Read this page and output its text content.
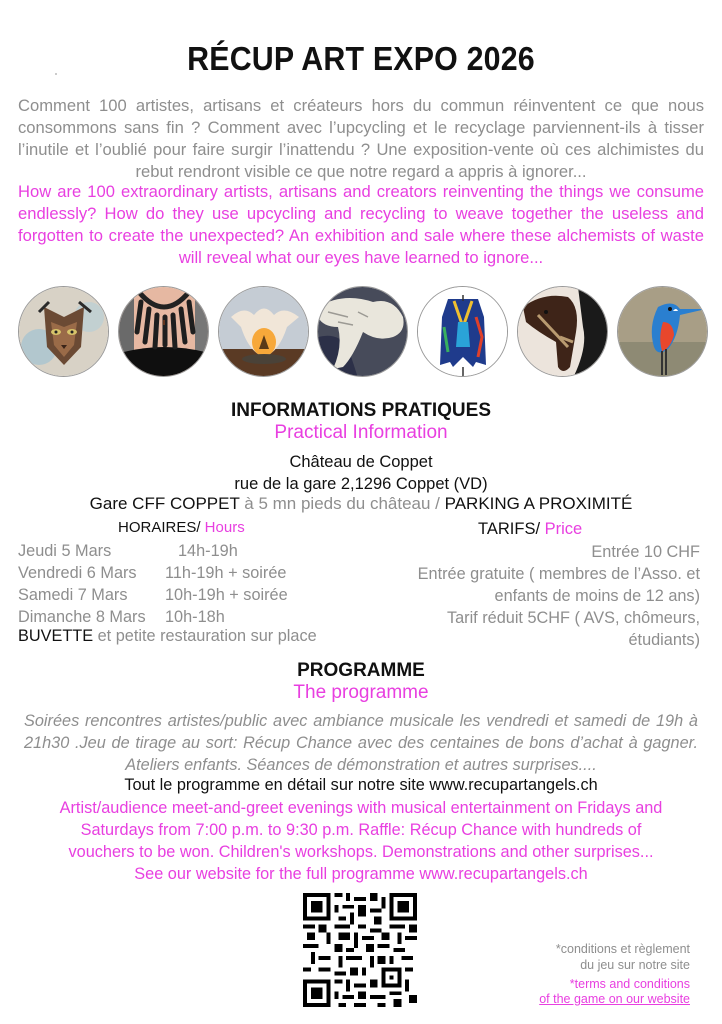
RÉCUP ART EXPO 2026

Comment 100 artistes, artisans et créateurs hors du commun réinventent ce que nous consommons sans fin ? Comment avec l’upcycling et le recyclage parviennent-ils à tisser l’inutile et l’oublié pour faire surgir l’inattendu ? Une exposition-vente où ces alchimistes du rebut rendront visible ce que notre regard a appris à ignorer...

How are 100 extraordinary artists, artisans and creators reinventing the things we consume endlessly? How do they use upcycling and recycling to weave together the useless and forgotten to create the unexpected? An exhibition and sale where these alchemists of waste will reveal what our eyes have learned to ignore...

INFORMATIONS PRATIQUES
Practical Information
Château de Coppet
rue de la gare 2,1296 Coppet (VD)
Gare CFF COPPET à 5 mn pieds du château / PARKING A PROXIMITÉ
HORAIRES/ Hours
Jeudi 5 Mars	14h-19h
Vendredi 6 Mars	11h-19h + soirée
Samedi 7 Mars	10h-19h + soirée
Dimanche 8 Mars	10h-18h
BUVETTE et petite restauration sur place
TARIFS/ Price
Entrée 10 CHF
Entrée gratuite ( membres de l’Asso. et
enfants de moins de 12 ans)
Tarif réduit 5CHF ( AVS, chômeurs,
étudiants)
PROGRAMME
The programme

Soirées rencontres artistes/public avec ambiance musicale les vendredi et samedi de 19h à 21h30 .Jeu de tirage au sort: Récup Chance avec des centaines de bons d’achat à gagner. Ateliers enfants. Séances de démonstration et autres surprises....

Tout le programme en détail sur notre site www.recupartangels.ch
Artist/audience meet-and-greet evenings with musical entertainment on Fridays and
Saturdays from 7:00 p.m. to 9:30 p.m. Raffle: Récup Chance with hundreds of
vouchers to be won. Children's workshops. Demonstrations and other surprises...
See our website for the full programme www.recupartangels.ch
*conditions et règlement
du jeu sur notre site
*terms and conditions
of the game on our website
